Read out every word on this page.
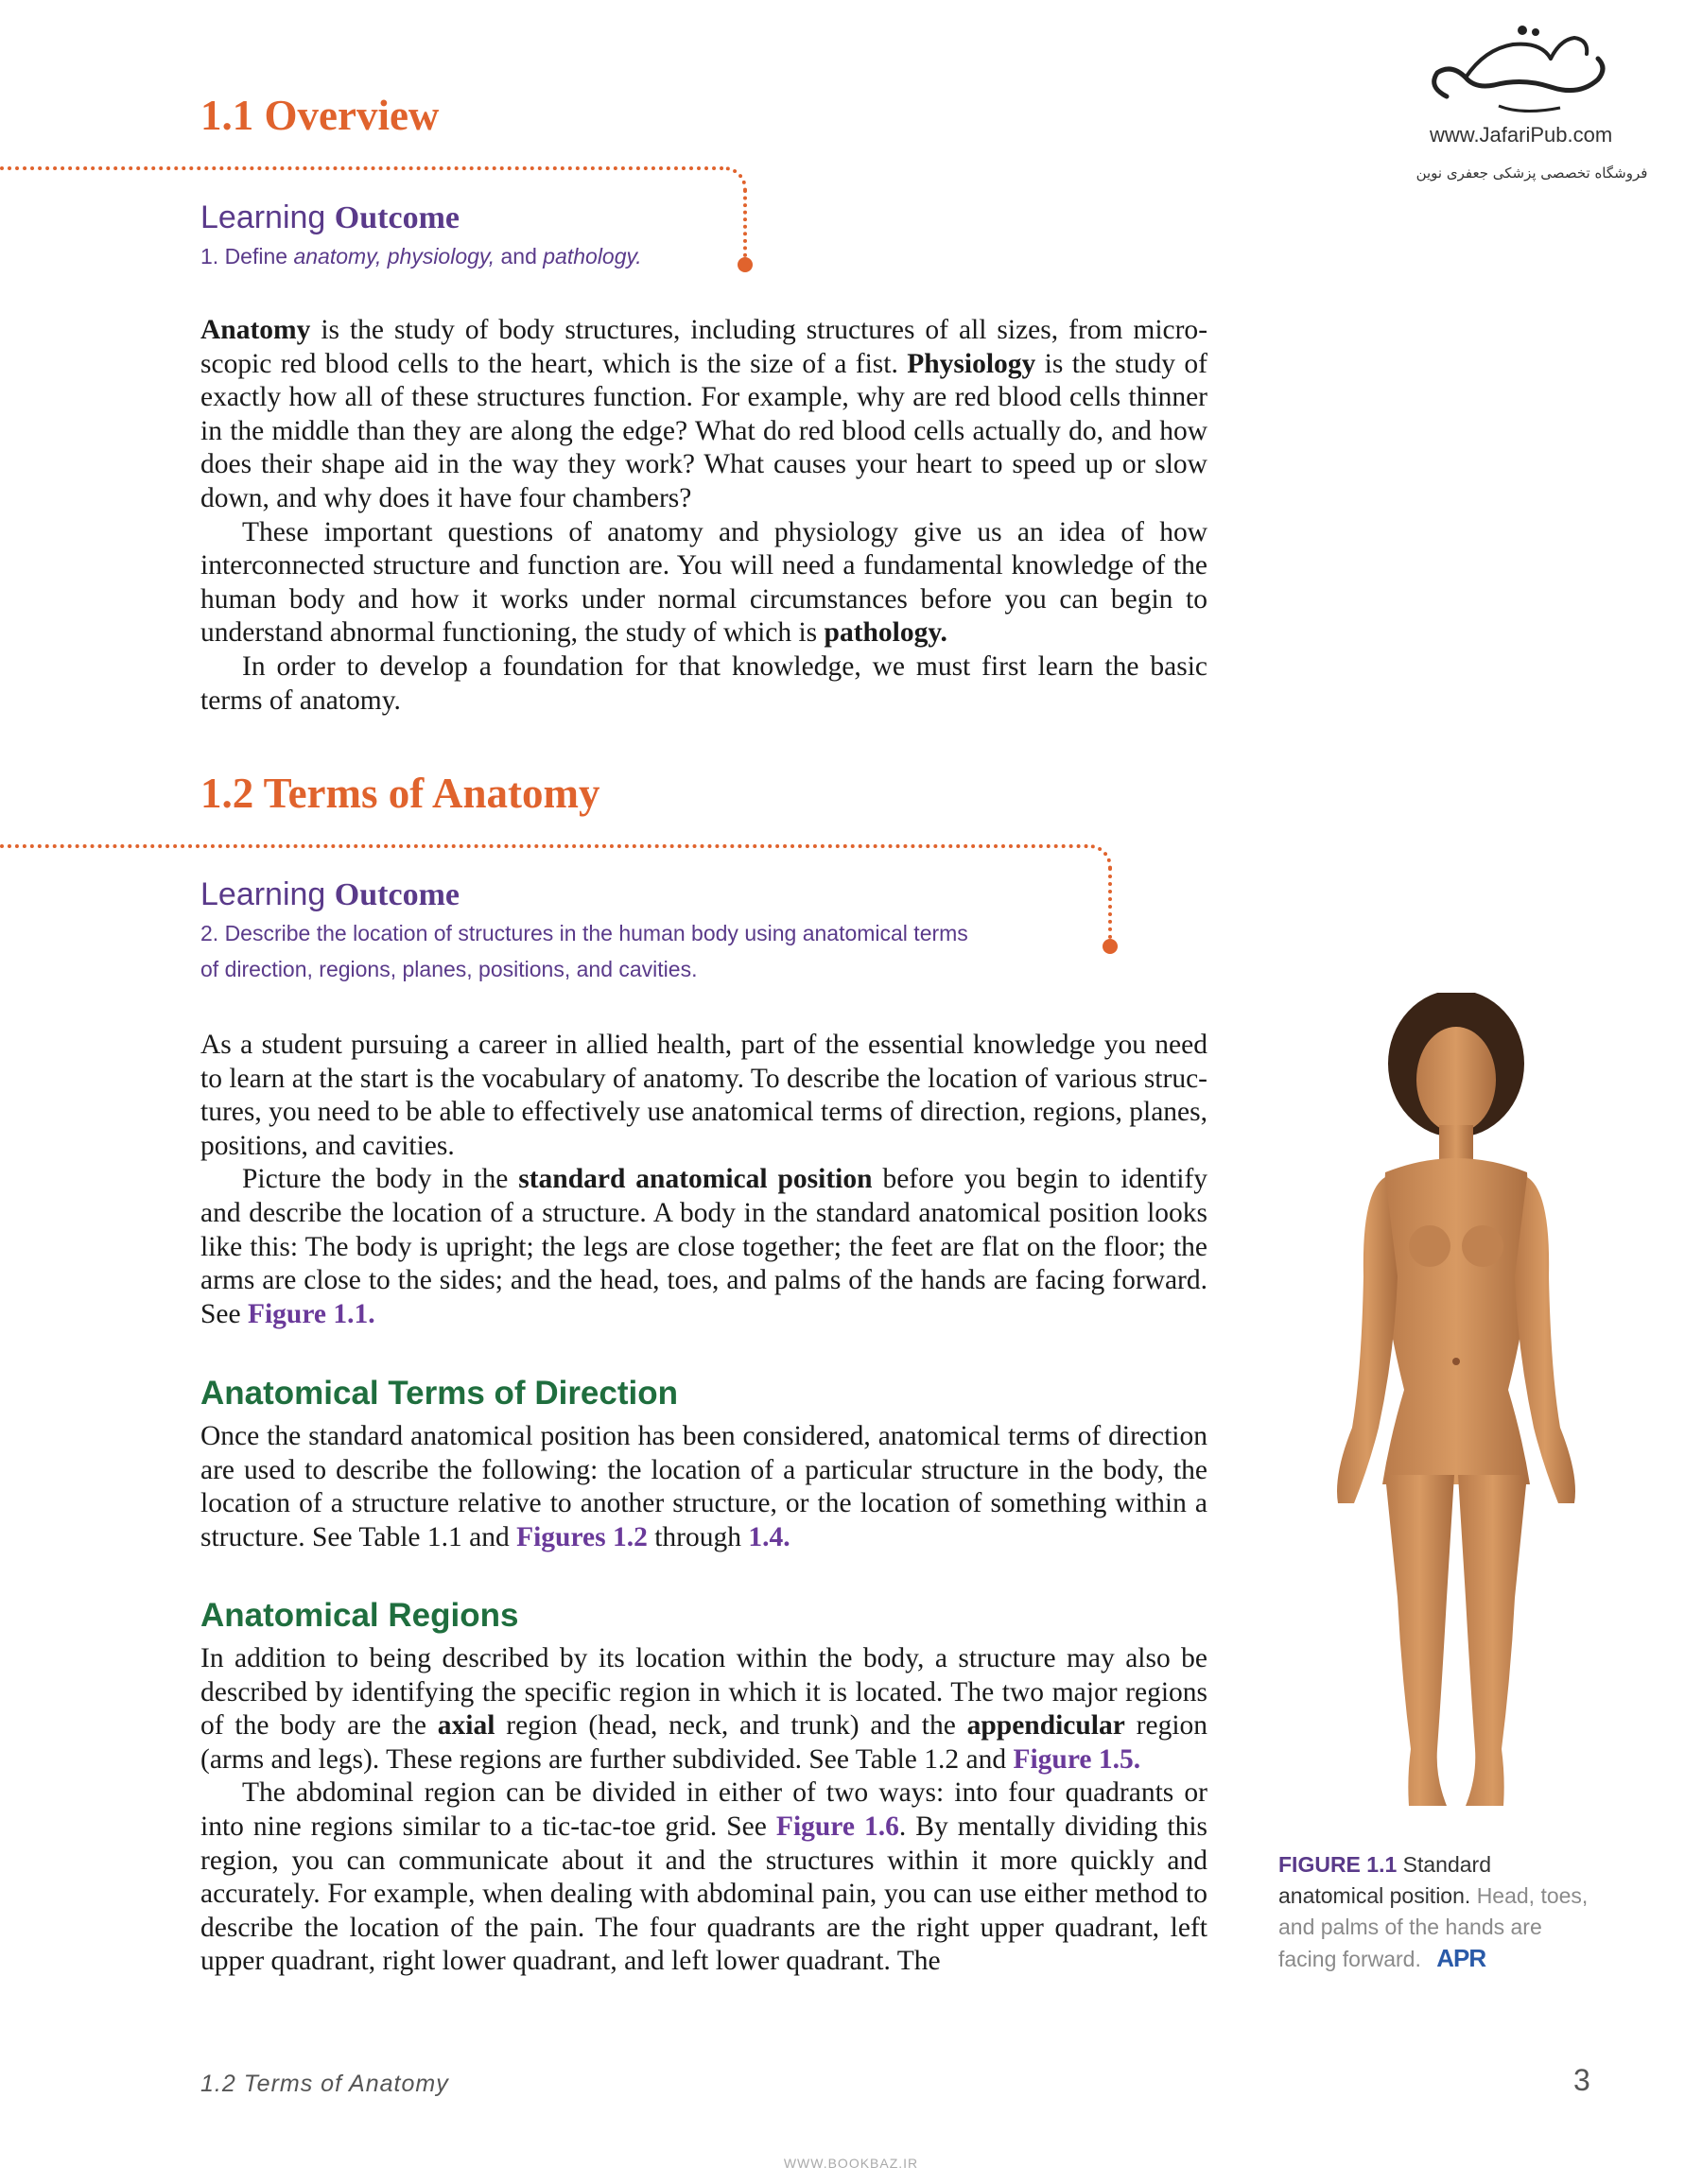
www.JafariPub.com

فروشگاه تخصصی پزشکی جعفری نوین

1.1 Overview

Learning Outcome

1. Define anatomy, physiology, and pathology.

Anatomy is the study of body structures, including structures of all sizes, from microscopic red blood cells to the heart, which is the size of a fist. Physiology is the study of exactly how all of these structures function. For example, why are red blood cells thinner in the middle than they are along the edge? What do red blood cells actually do, and how does their shape aid in the way they work? What causes your heart to speed up or slow down, and why does it have four chambers?

These important questions of anatomy and physiology give us an idea of how interconnected structure and function are. You will need a fundamental knowledge of the human body and how it works under normal circumstances before you can begin to understand abnormal functioning, the study of which is pathology.

In order to develop a foundation for that knowledge, we must first learn the basic terms of anatomy.

1.2 Terms of Anatomy

Learning Outcome

2. Describe the location of structures in the human body using anatomical terms
of direction, regions, planes, positions, and cavities.

As a student pursuing a career in allied health, part of the essential knowledge you need to learn at the start is the vocabulary of anatomy. To describe the location of various structures, you need to be able to effectively use anatomical terms of direction, regions, planes, positions, and cavities.

Picture the body in the standard anatomical position before you begin to identify and describe the location of a structure. A body in the standard anatomical position looks like this: The body is upright; the legs are close together; the feet are flat on the floor; the arms are close to the sides; and the head, toes, and palms of the hands are facing forward. See Figure 1.1.

Anatomical Terms of Direction

Once the standard anatomical position has been considered, anatomical terms of direction are used to describe the following: the location of a particular structure in the body, the location of a structure relative to another structure, or the location of something within a structure. See Table 1.1 and Figures 1.2 through 1.4.

Anatomical Regions

In addition to being described by its location within the body, a structure may also be described by identifying the specific region in which it is located. The two major regions of the body are the axial region (head, neck, and trunk) and the appendicular region (arms and legs). These regions are further subdivided. See Table 1.2 and Figure 1.5.

The abdominal region can be divided in either of two ways: into four quadrants or into nine regions similar to a tic-tac-toe grid. See Figure 1.6. By mentally dividing this region, you can communicate about it and the structures within it more quickly and accurately. For example, when dealing with abdominal pain, you can use either method to describe the location of the pain. The four quadrants are the right upper quadrant, left upper quadrant, right lower quadrant, and left lower quadrant. The

FIGURE 1.1 Standard anatomical position. Head, toes, and palms of the hands are facing forward. APR

1.2 Terms of Anatomy	3

WWW.BOOKBAZ.IR
